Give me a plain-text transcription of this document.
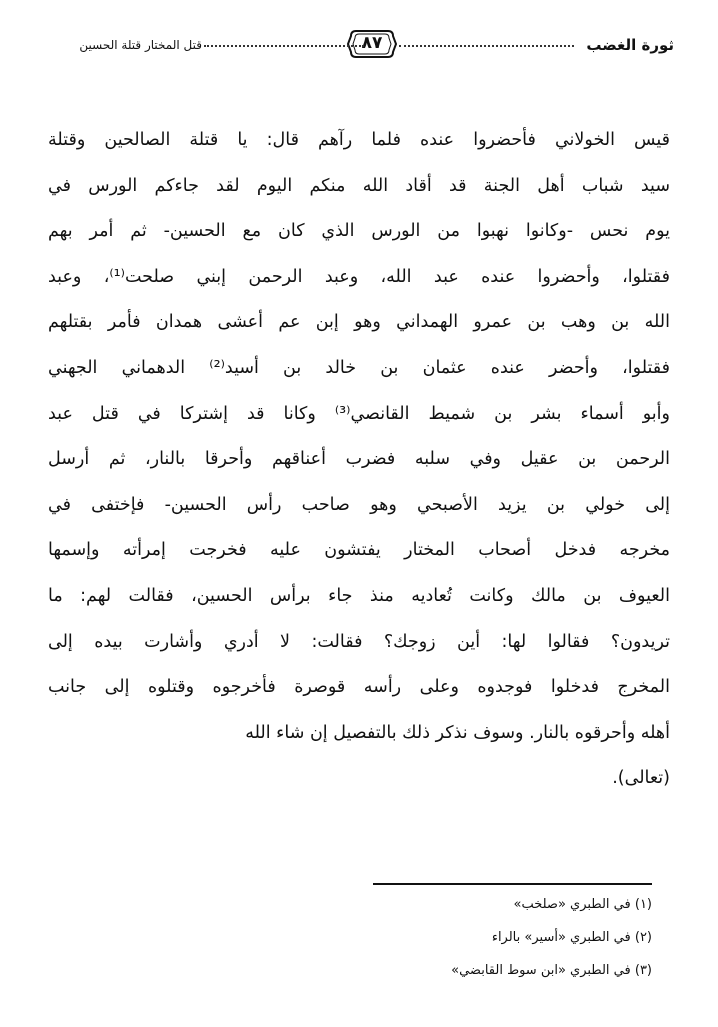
ثورة الغضب
٨٧
قتل المختار قتلة الحسين
قيس الخولاني فأحضروا عنده فلما رآهم قال: يا قتلة الصالحين وقتلة
سيد شباب أهل الجنة قد أقاد الله منكم اليوم لقد جاءكم الورس في
يوم نحس -وكانوا نهبوا من الورس الذي كان مع الحسين- ثم أمر بهم
فقتلوا، وأحضروا عنده عبد الله، وعبد الرحمن إبني صلحت⁽¹⁾، وعبد
الله بن وهب بن عمرو الهمداني وهو إبن عم أعشى همدان فأمر بقتلهم
فقتلوا، وأحضر عنده عثمان بن خالد بن أسيد⁽²⁾ الدهماني الجهني
وأبو أسماء بشر بن شميط القانصي⁽³⁾ وكانا قد إشتركا في قتل عبد
الرحمن بن عقيل وفي سلبه فضرب أعناقهم وأحرقا بالنار، ثم أرسل
إلى خولي بن يزيد الأصبحي وهو صاحب رأس الحسين- فإختفى في
مخرجه فدخل أصحاب المختار يفتشون عليه فخرجت إمرأته وإسمها
العيوف بن مالك وكانت تُعاديه منذ جاء برأس الحسين، فقالت لهم: ما
تريدون؟ فقالوا لها: أين زوجك؟ فقالت: لا أدري وأشارت بيده إلى
المخرج فدخلوا فوجدوه وعلى رأسه قوصرة فأخرجوه وقتلوه إلى جانب
أهله وأحرقوه بالنار. وسوف نذكر ذلك بالتفصيل إن شاء الله
(تعالى).
(١) في الطبري «صلخب»
(٢) في الطبري «أسير» بالراء
(٣) في الطبري «ابن سوط القابضي»
